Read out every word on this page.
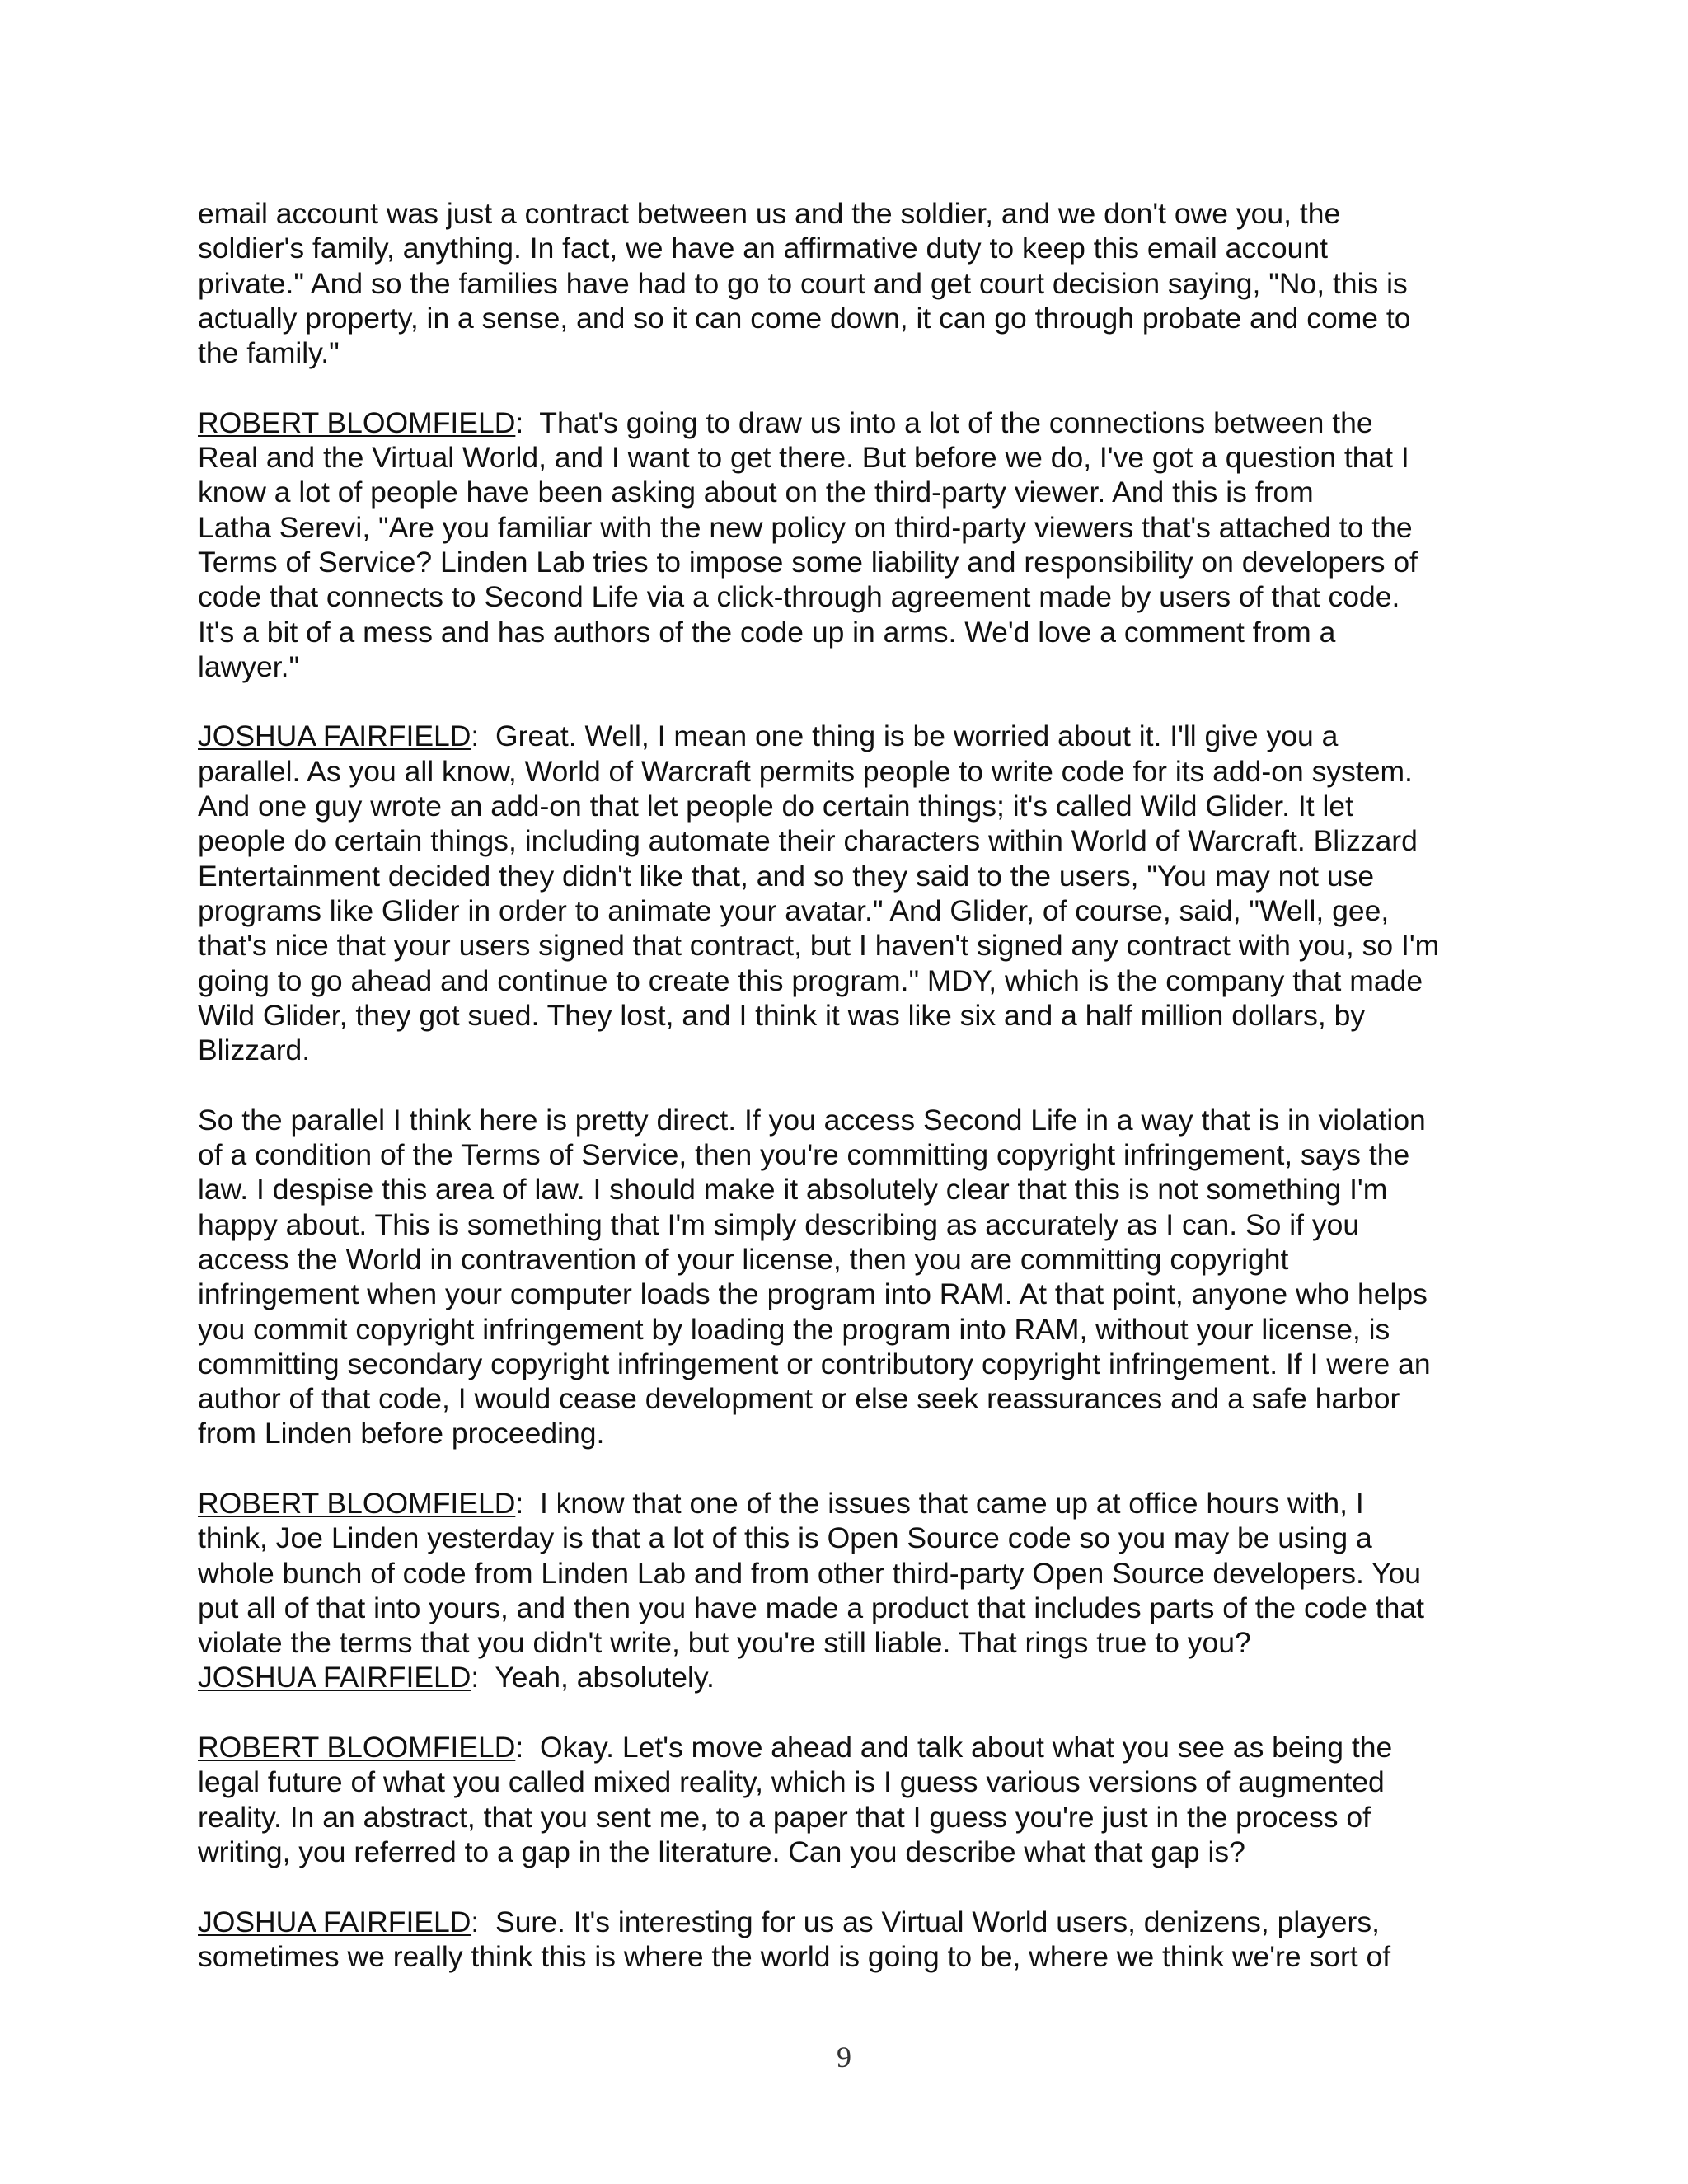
email account was just a contract between us and the soldier, and we don't owe you, the
soldier's family, anything. In fact, we have an affirmative duty to keep this email account
private." And so the families have had to go to court and get court decision saying, "No, this is
actually property, in a sense, and so it can come down, it can go through probate and come to
the family."

ROBERT BLOOMFIELD:  That's going to draw us into a lot of the connections between the
Real and the Virtual World, and I want to get there. But before we do, I've got a question that I
know a lot of people have been asking about on the third-party viewer. And this is from
Latha Serevi, "Are you familiar with the new policy on third-party viewers that's attached to the
Terms of Service? Linden Lab tries to impose some liability and responsibility on developers of
code that connects to Second Life via a click-through agreement made by users of that code.
It's a bit of a mess and has authors of the code up in arms. We'd love a comment from a
lawyer."

JOSHUA FAIRFIELD:  Great. Well, I mean one thing is be worried about it. I'll give you a
parallel. As you all know, World of Warcraft permits people to write code for its add-on system.
And one guy wrote an add-on that let people do certain things; it's called Wild Glider. It let
people do certain things, including automate their characters within World of Warcraft. Blizzard
Entertainment decided they didn't like that, and so they said to the users, "You may not use
programs like Glider in order to animate your avatar." And Glider, of course, said, "Well, gee,
that's nice that your users signed that contract, but I haven't signed any contract with you, so I'm
going to go ahead and continue to create this program." MDY, which is the company that made
Wild Glider, they got sued. They lost, and I think it was like six and a half million dollars, by
Blizzard.

So the parallel I think here is pretty direct. If you access Second Life in a way that is in violation
of a condition of the Terms of Service, then you're committing copyright infringement, says the
law. I despise this area of law. I should make it absolutely clear that this is not something I'm
happy about. This is something that I'm simply describing as accurately as I can. So if you
access the World in contravention of your license, then you are committing copyright
infringement when your computer loads the program into RAM. At that point, anyone who helps
you commit copyright infringement by loading the program into RAM, without your license, is
committing secondary copyright infringement or contributory copyright infringement. If I were an
author of that code, I would cease development or else seek reassurances and a safe harbor
from Linden before proceeding.

ROBERT BLOOMFIELD:  I know that one of the issues that came up at office hours with, I
think, Joe Linden yesterday is that a lot of this is Open Source code so you may be using a
whole bunch of code from Linden Lab and from other third-party Open Source developers. You
put all of that into yours, and then you have made a product that includes parts of the code that
violate the terms that you didn't write, but you're still liable. That rings true to you?

JOSHUA FAIRFIELD:  Yeah, absolutely.

ROBERT BLOOMFIELD:  Okay. Let's move ahead and talk about what you see as being the
legal future of what you called mixed reality, which is I guess various versions of augmented
reality. In an abstract, that you sent me, to a paper that I guess you're just in the process of
writing, you referred to a gap in the literature. Can you describe what that gap is?

JOSHUA FAIRFIELD:  Sure. It's interesting for us as Virtual World users, denizens, players,
sometimes we really think this is where the world is going to be, where we think we're sort of

9
